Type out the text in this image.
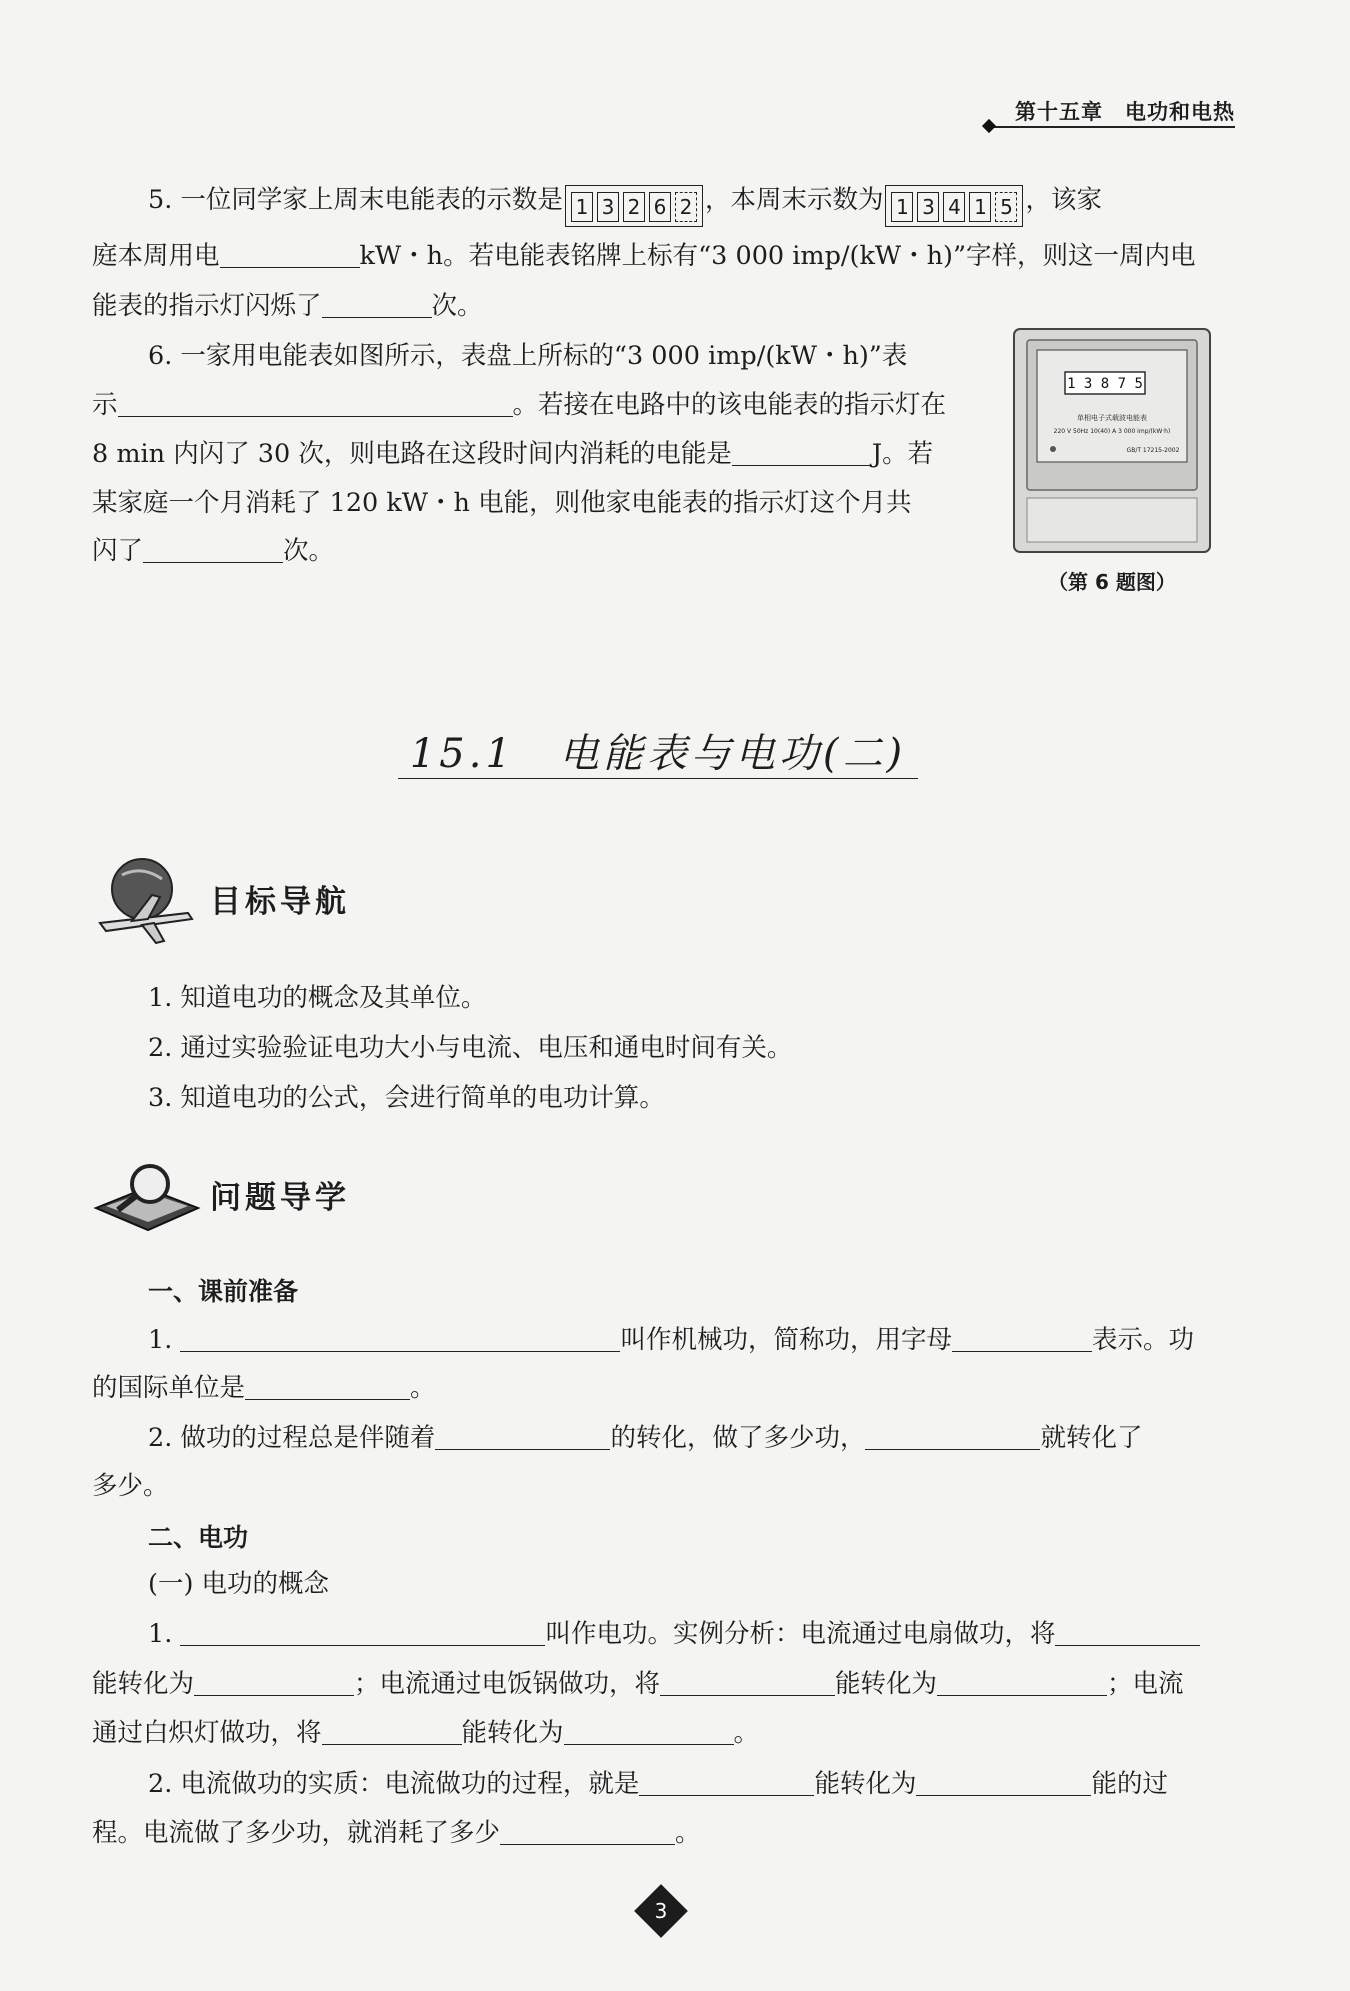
第十五章　电功和电热
5. 一位同学家上周末电能表的示数是 1 3 2 6 2 ，本周末示数为 1 3 4 1 5 ，该家
庭本周用电	kW・h。若电能表铭牌上标有“3 000 imp/(kW・h)”字样，则这一周内电
能表的指示灯闪烁了	次。
6. 一家用电能表如图所示，表盘上所标的“3 000 imp/(kW・h)”表
示	。若接在电路中的该电能表的指示灯在
8 min 内闪了 30 次，则电路在这段时间内消耗的电能是	J。若
某家庭一个月消耗了 120 kW・h 电能，则他家电能表的指示灯这个月共
闪了	次。
1 3 8 7 5
单相电子式载波电能表
220 V 50Hz 10(40) A 3 000 imp/(kW·h)
GB/T 17215-2002
（第 6 题图）
15.1　电能表与电功(二)
目标导航
1. 知道电功的概念及其单位。
2. 通过实验验证电功大小与电流、电压和通电时间有关。
3. 知道电功的公式，会进行简单的电功计算。
问题导学
一、课前准备
1.	叫作机械功，简称功，用字母	表示。功
的国际单位是	。
2. 做功的过程总是伴随着	的转化，做了多少功，	就转化了
多少。
二、电功
(一) 电功的概念
1.	叫作电功。实例分析：电流通过电扇做功，将
能转化为	；电流通过电饭锅做功，将	能转化为	；电流
通过白炽灯做功，将	能转化为	。
2. 电流做功的实质：电流做功的过程，就是	能转化为	能的过
程。电流做了多少功，就消耗了多少	。
3
